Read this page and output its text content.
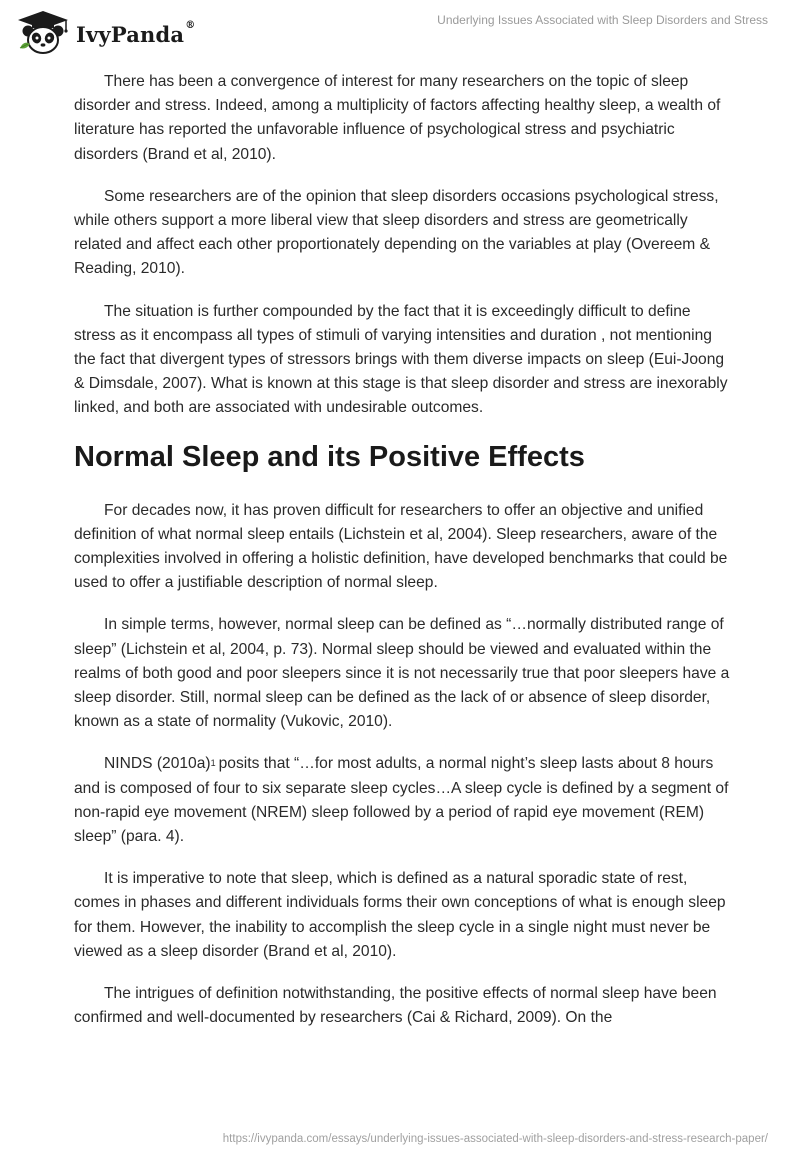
IvyPanda®	Underlying Issues Associated with Sleep Disorders and Stress

There has been a convergence of interest for many researchers on the topic of sleep disorder and stress. Indeed, among a multiplicity of factors affecting healthy sleep, a wealth of literature has reported the unfavorable influence of psychological stress and psychiatric disorders (Brand et al, 2010).

Some researchers are of the opinion that sleep disorders occasions psychological stress, while others support a more liberal view that sleep disorders and stress are geometrically related and affect each other proportionately depending on the variables at play (Overeem & Reading, 2010).

The situation is further compounded by the fact that it is exceedingly difficult to define stress as it encompass all types of stimuli of varying intensities and duration , not mentioning the fact that divergent types of stressors brings with them diverse impacts on sleep (Eui-Joong & Dimsdale, 2007). What is known at this stage is that sleep disorder and stress are inexorably linked, and both are associated with undesirable outcomes.

Normal Sleep and its Positive Effects

For decades now, it has proven difficult for researchers to offer an objective and unified definition of what normal sleep entails (Lichstein et al, 2004). Sleep researchers, aware of the complexities involved in offering a holistic definition, have developed benchmarks that could be used to offer a justifiable description of normal sleep.

In simple terms, however, normal sleep can be defined as “…normally distributed range of sleep” (Lichstein et al, 2004, p. 73). Normal sleep should be viewed and evaluated within the realms of both good and poor sleepers since it is not necessarily true that poor sleepers have a sleep disorder. Still, normal sleep can be defined as the lack of or absence of sleep disorder, known as a state of normality (Vukovic, 2010).

NINDS (2010a)$^1$ posits that “…for most adults, a normal night’s sleep lasts about 8 hours and is composed of four to six separate sleep cycles…A sleep cycle is defined by a segment of non-rapid eye movement (NREM) sleep followed by a period of rapid eye movement (REM) sleep” (para. 4).

It is imperative to note that sleep, which is defined as a natural sporadic state of rest, comes in phases and different individuals forms their own conceptions of what is enough sleep for them. However, the inability to accomplish the sleep cycle in a single night must never be viewed as a sleep disorder (Brand et al, 2010).

The intrigues of definition notwithstanding, the positive effects of normal sleep have been confirmed and well-documented by researchers (Cai & Richard, 2009). On the

https://ivypanda.com/essays/underlying-issues-associated-with-sleep-disorders-and-stress-research-paper/
